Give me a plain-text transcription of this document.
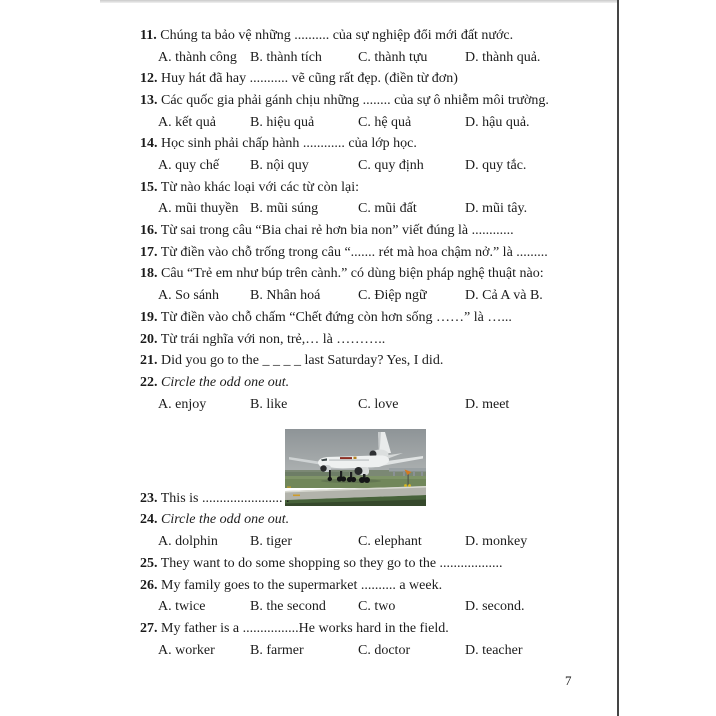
11. Chúng ta bảo vệ những .......... của sự nghiệp đổi mới đất nước.
A. thành công B. thành tích	C. thành tựu	D. thành quả.
12. Huy hát đã hay ........... vẽ cũng rất đẹp. (điền từ đơn)
13. Các quốc gia phải gánh chịu những ........ của sự ô nhiễm môi trường.
A. kết quả B. hiệu quả	C. hệ quả	D. hậu quả.
14. Học sinh phải chấp hành ............ của lớp học.
A. quy chế B. nội quy	C. quy định	D. quy tắc.
15. Từ nào khác loại với các từ còn lại:
A. mũi thuyền B. mũi súng	C. mũi đất	D. mũi tây.
16. Từ sai trong câu “Bia chai rẻ hơn bia non” viết đúng là ............
17. Từ điền vào chỗ trống trong câu “....... rét mà hoa chậm nở.” là .........
18. Câu “Trẻ em như búp trên cành.” có dùng biện pháp nghệ thuật nào:
A. So sánh B. Nhân hoá	C. Điệp ngữ	D. Cả A và B.
19. Từ điền vào chỗ chấm “Chết đứng còn hơn sống ……” là …...
20. Từ trái nghĩa với non, trẻ,… là ………..
21. Did you go to the _ _ _ _ last Saturday? Yes, I did.
22. Circle the odd one out.
A. enjoy	B. like	C. love	D. meet
23. This is ....................... .
24. Circle the odd one out.
A. dolphin B. tiger	C. elephant	D. monkey
25. They want to do some shopping so they go to the ..................
26. My family goes to the supermarket .......... a week.
A. twice	B. the second C. two	D. second.
27. My father is a ................He works hard in the field.
A. worker	B. farmer	C. doctor	D. teacher
7
